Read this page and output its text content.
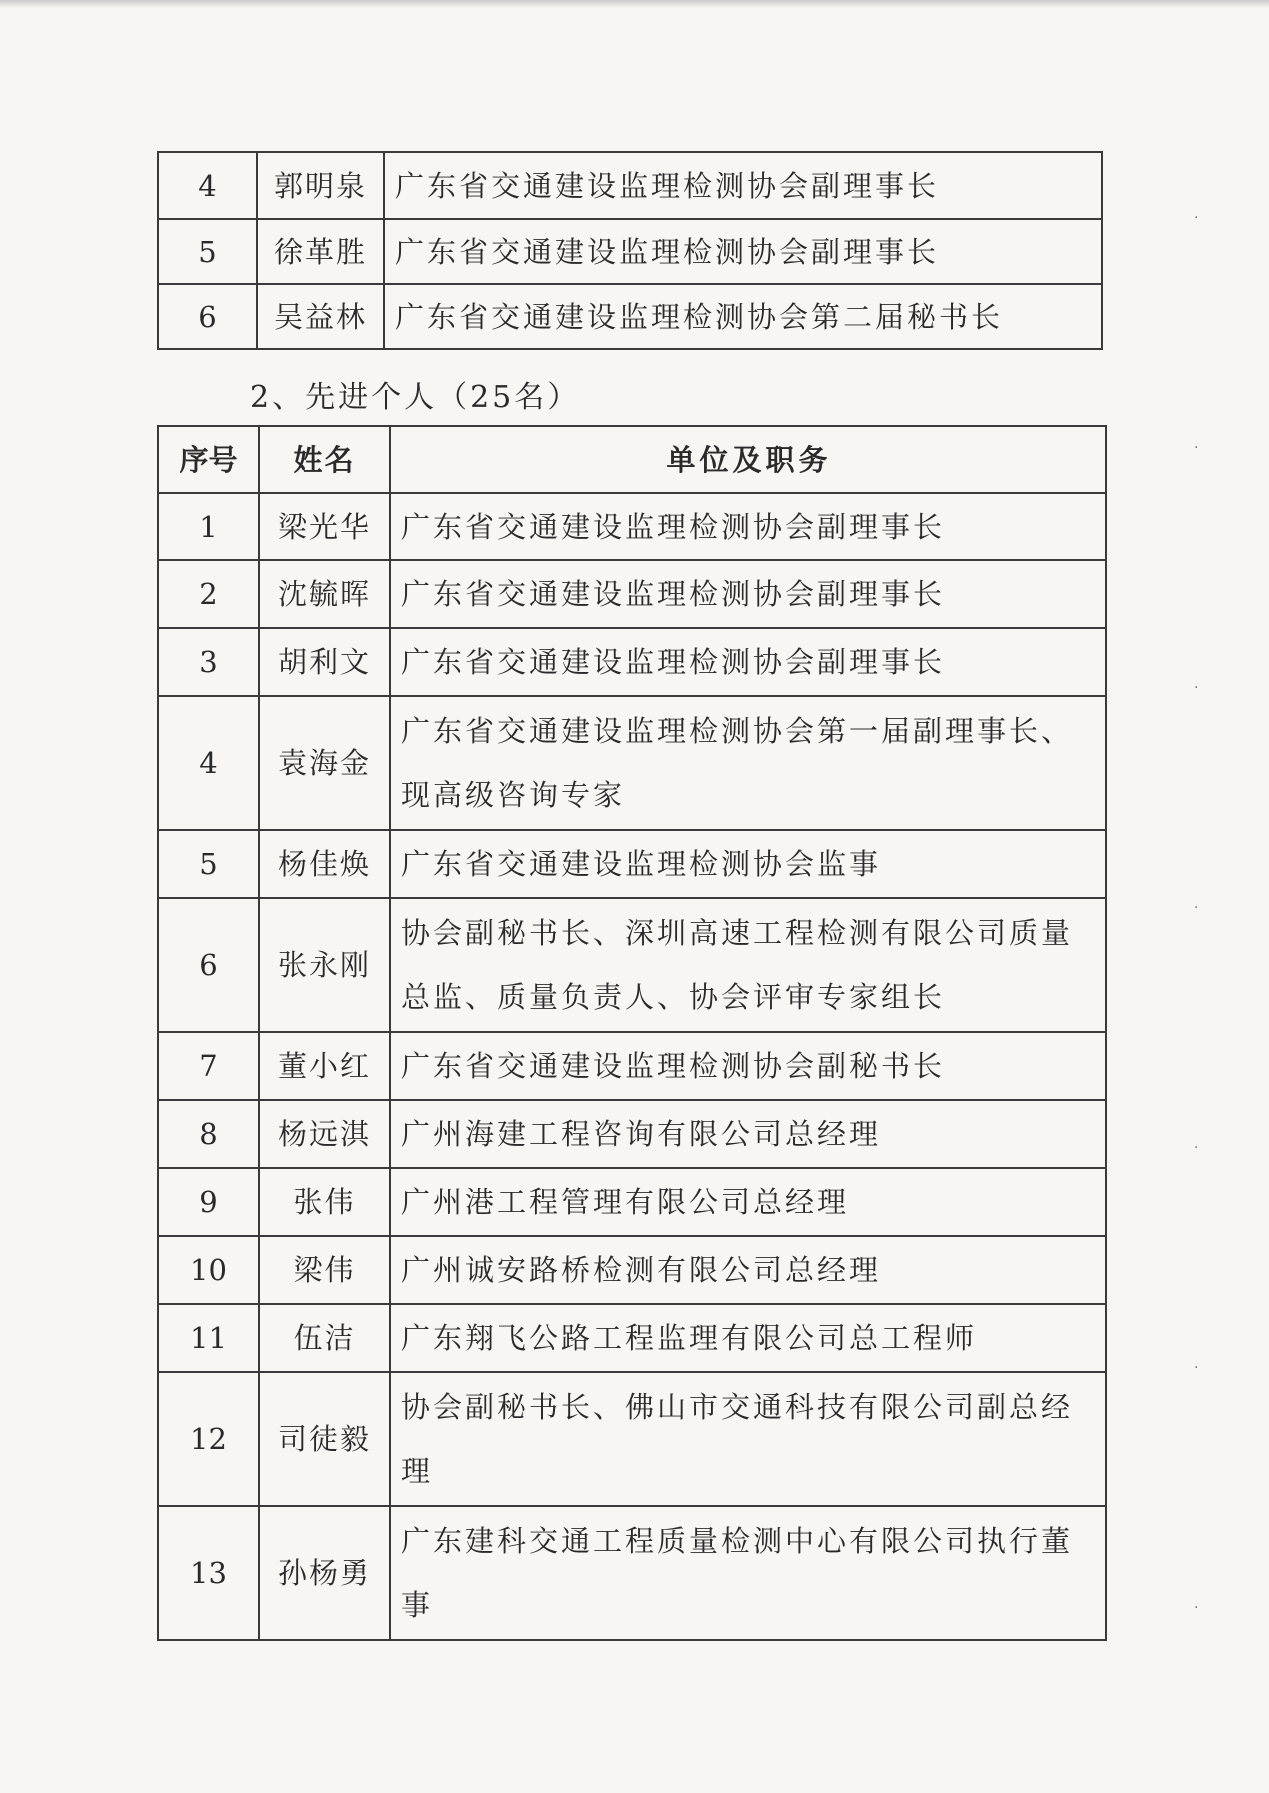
4	郭明泉	广东省交通建设监理检测协会副理事长
5	徐革胜	广东省交通建设监理检测协会副理事长
6	吴益林	广东省交通建设监理检测协会第二届秘书长
2、先进个人（25名）
序号	姓名	单位及职务
1	梁光华	广东省交通建设监理检测协会副理事长
2	沈毓晖	广东省交通建设监理检测协会副理事长
3	胡利文	广东省交通建设监理检测协会副理事长
4	袁海金	广东省交通建设监理检测协会第一届副理事长、现高级咨询专家
5	杨佳焕	广东省交通建设监理检测协会监事
6	张永刚	协会副秘书长、深圳高速工程检测有限公司质量总监、质量负责人、协会评审专家组长
7	董小红	广东省交通建设监理检测协会副秘书长
8	杨远淇	广州海建工程咨询有限公司总经理
9	张伟	广州港工程管理有限公司总经理
10	梁伟	广州诚安路桥检测有限公司总经理
11	伍洁	广东翔飞公路工程监理有限公司总工程师
12	司徒毅	协会副秘书长、佛山市交通科技有限公司副总经理
13	孙杨勇	广东建科交通工程质量检测中心有限公司执行董事
·
·
·
·
·
·
·
